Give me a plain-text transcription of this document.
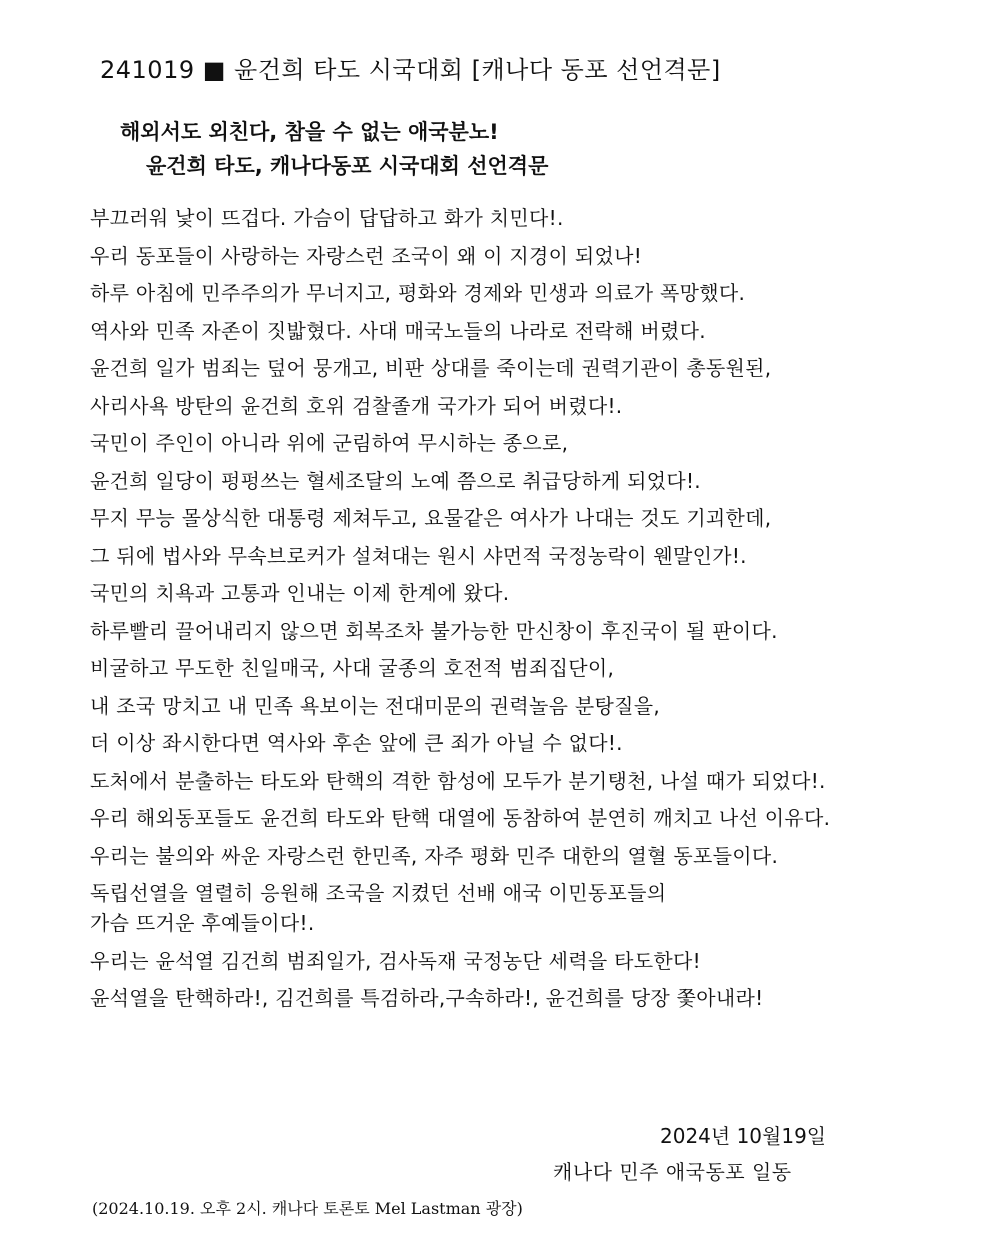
241019 ■ 윤건희 타도 시국대회 [캐나다 동포 선언격문]
해외서도 외친다, 참을 수 없는 애국분노!
윤건희 타도, 캐나다동포 시국대회 선언격문
부끄러워 낯이 뜨겁다. 가슴이 답답하고 화가 치민다!.
우리 동포들이 사랑하는 자랑스런 조국이 왜 이 지경이 되었나!
하루 아침에 민주주의가 무너지고, 평화와 경제와 민생과 의료가 폭망했다.
역사와 민족 자존이 짓밟혔다. 사대 매국노들의 나라로 전락해 버렸다.
윤건희 일가 범죄는 덮어 뭉개고, 비판 상대를 죽이는데 권력기관이 총동원된,
사리사욕 방탄의 윤건희 호위 검찰졸개 국가가 되어 버렸다!.
국민이 주인이 아니라 위에 군림하여 무시하는 종으로,
윤건희 일당이 펑펑쓰는 혈세조달의 노예 쯤으로 취급당하게 되었다!.
무지 무능 몰상식한 대통령 제쳐두고, 요물같은 여사가 나대는 것도 기괴한데,
그 뒤에 법사와 무속브로커가 설쳐대는 원시 샤먼적 국정농락이 웬말인가!.
국민의 치욕과 고통과 인내는 이제 한계에 왔다.
하루빨리 끌어내리지 않으면 회복조차 불가능한 만신창이 후진국이 될 판이다.
비굴하고 무도한 친일매국, 사대 굴종의 호전적 범죄집단이,
내 조국 망치고 내 민족 욕보이는 전대미문의 권력놀음 분탕질을,
더 이상 좌시한다면 역사와 후손 앞에 큰 죄가 아닐 수 없다!.
도처에서 분출하는 타도와 탄핵의 격한 함성에 모두가 분기탱천, 나설 때가 되었다!.
우리 해외동포들도 윤건희 타도와 탄핵 대열에 동참하여 분연히 깨치고 나선 이유다.
우리는 불의와 싸운 자랑스런 한민족, 자주 평화 민주 대한의 열혈 동포들이다.
독립선열을 열렬히 응원해 조국을 지켰던 선배 애국 이민동포들의
가슴 뜨거운 후예들이다!.
우리는 윤석열 김건희 범죄일가, 검사독재 국정농단 세력을 타도한다!
윤석열을 탄핵하라!, 김건희를 특검하라,구속하라!, 윤건희를 당장 쫓아내라!
2024년 10월19일
캐나다 민주 애국동포 일동
(2024.10.19. 오후 2시. 캐나다 토론토 Mel Lastman 광장)
